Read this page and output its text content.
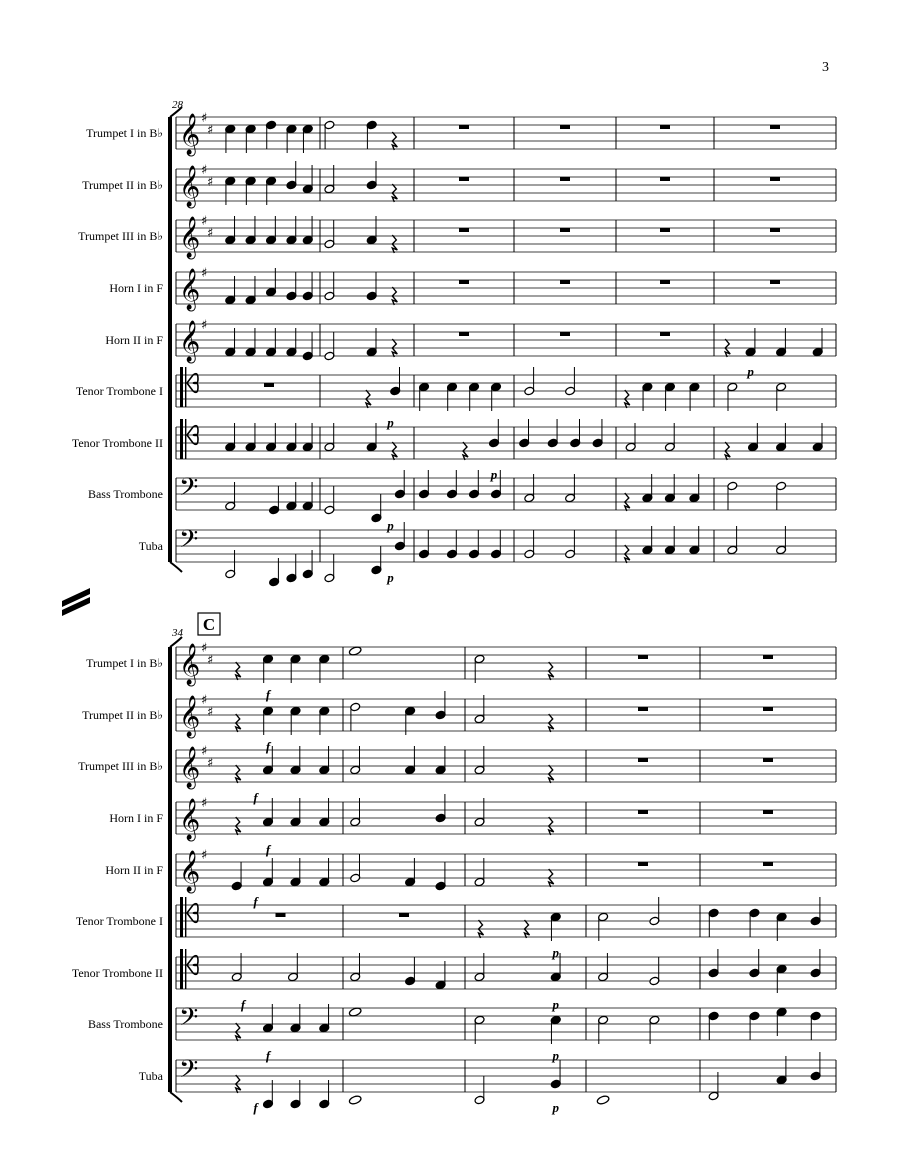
3
28
Trumpet I in B♭ 𝄞 ♯
♯
Trumpet II in B♭ 𝄞 ♯
♯
Trumpet III in B♭ 𝄞 ♯
♯
Horn I in F 𝄞 ♯
Horn II in F 𝄞 ♯
Tenor Trombone I
Tenor Trombone II
Bass Trombone 𝄢
Tuba 𝄢
p
p
p
p
p
34 C
Trumpet I in B♭ 𝄞 ♯
♯
Trumpet II in B♭ 𝄞 ♯
♯
Trumpet III in B♭ 𝄞 ♯
♯
Horn I in F 𝄞 ♯
Horn II in F 𝄞 ♯
Tenor Trombone I
Tenor Trombone II
Bass Trombone 𝄢
Tuba 𝄢
f
f
f
f
f
f
f
f
p
p
p
p
